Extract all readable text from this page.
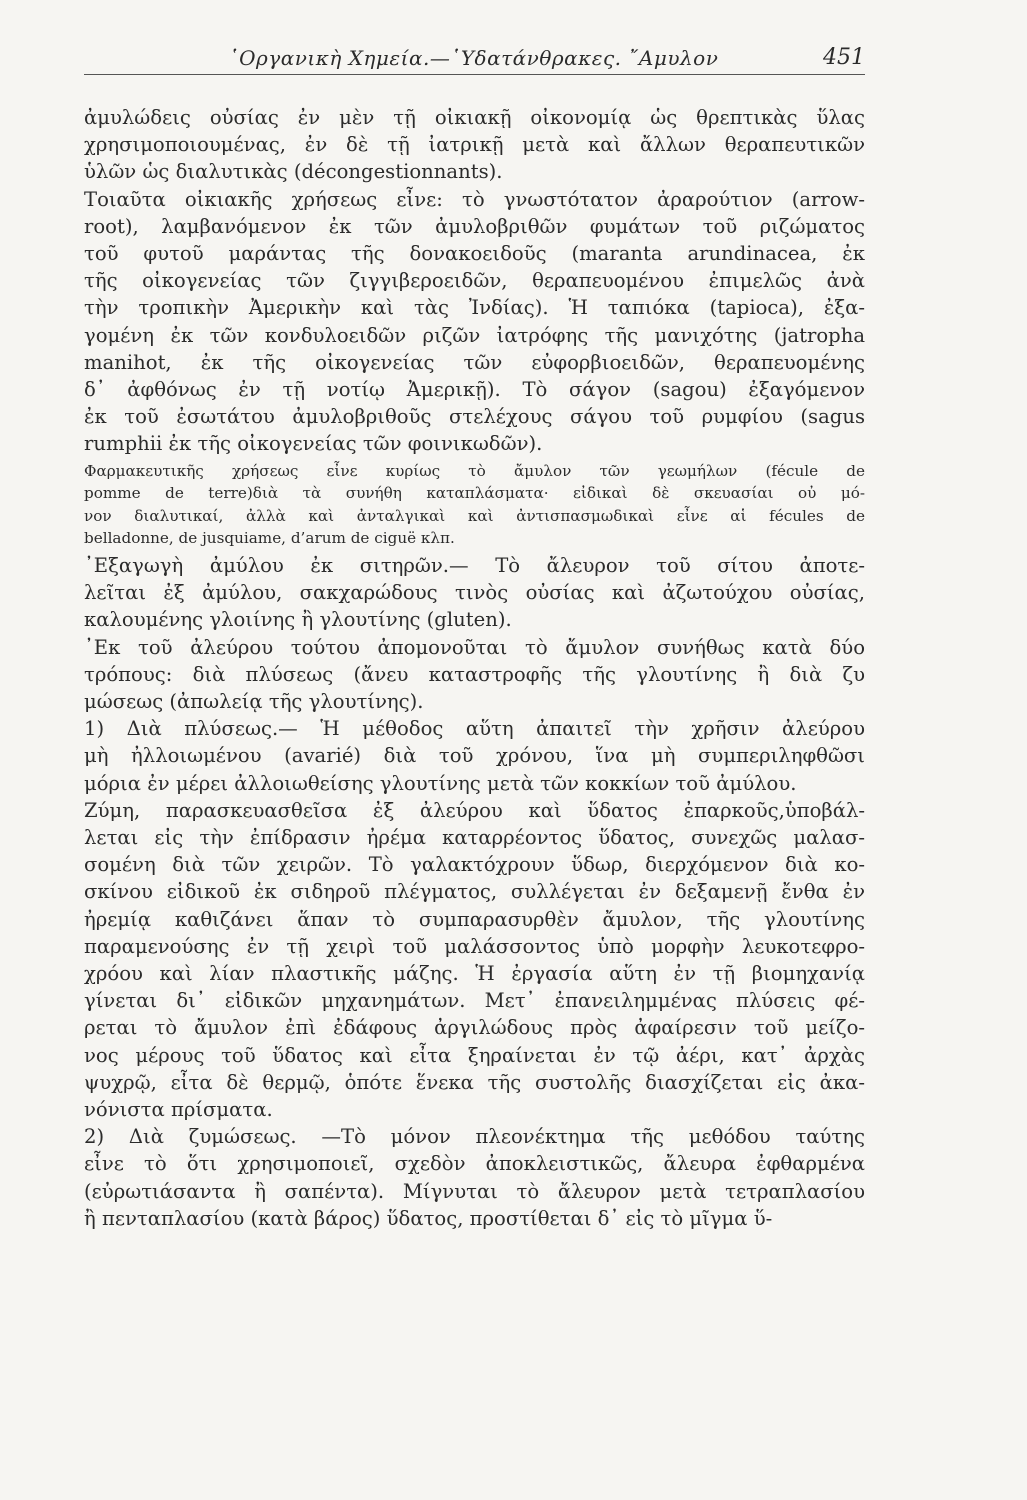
῾Οργανικὴ Χημεία.—῾Υδατάνθρακες. ῎Αμυλον	451
ἀμυλώδεις οὐσίας ἐν μὲν τῇ οἰκιακῇ οἰκονομίᾳ ὡς θρεπτικὰς ὕλας
χρησιμοποιουμένας, ἐν δὲ τῇ ἰατρικῇ μετὰ καὶ ἄλλων θεραπευτικῶν
ὑλῶν ὡς διαλυτικὰς (décongestionnants).
Τοιαῦτα οἰκιακῆς χρήσεως εἶνε: τὸ γνωστότατον ἀραρούτιον (arrow-
root), λαμβανόμενον ἐκ τῶν ἀμυλοβριθῶν φυμάτων τοῦ ριζώματος
τοῦ φυτοῦ μαράντας τῆς δονακοειδοῦς (maranta arundinacea, ἐκ
τῆς οἰκογενείας τῶν ζιγγιβεροειδῶν, θεραπευομένου ἐπιμελῶς ἀνὰ
τὴν τροπικὴν Ἀμερικὴν καὶ τὰς Ἰνδίας). Ἡ ταπιόκα (tapioca), ἐξα-
γομένη ἐκ τῶν κονδυλοειδῶν ριζῶν ἰατρόφης τῆς μανιχότης (jatropha
manihot, ἐκ τῆς οἰκογενείας τῶν εὐφορβιοειδῶν, θεραπευομένης
δ᾿ ἀφθόνως ἐν τῇ νοτίῳ Ἀμερικῇ). Τὸ σάγον (sagou) ἐξαγόμενον
ἐκ τοῦ ἐσωτάτου ἀμυλοβριθοῦς στελέχους σάγου τοῦ ρυμφίου (sagus
rumphii ἐκ τῆς οἰκογενείας τῶν φοινικωδῶν).
Φαρμακευτικῆς χρήσεως εἶνε κυρίως τὸ ἄμυλον τῶν γεωμήλων (fécule de
pomme de terre)διὰ τὰ συνήθη καταπλάσματα· εἰδικαὶ δὲ σκευασίαι οὐ μό-
νον διαλυτικαί, ἀλλὰ καὶ ἀνταλγικαὶ καὶ ἀντισπασμωδικαὶ εἶνε αἱ fécules de
belladonne, de jusquiame, d’arum de ciguë κλπ.
᾿Εξαγωγὴ ἀμύλου ἐκ σιτηρῶν.— Τὸ ἄλευρον τοῦ σίτου ἀποτε-
λεῖται ἐξ ἀμύλου, σακχαρώδους τινὸς οὐσίας καὶ ἀζωτούχου οὐσίας,
καλουμένης γλοιίνης ἢ γλουτίνης (gluten).
᾿Εκ τοῦ ἀλεύρου τούτου ἀπομονοῦται τὸ ἄμυλον συνήθως κατὰ δύο
τρόπους: διὰ πλύσεως (ἄνευ καταστροφῆς τῆς γλουτίνης ἢ διὰ ζυ
μώσεως (ἀπωλείᾳ τῆς γλουτίνης).
1) Διὰ πλύσεως.— Ἡ μέθοδος αὕτη ἀπαιτεῖ τὴν χρῆσιν ἀλεύρου
μὴ ἠλλοιωμένου (avarié) διὰ τοῦ χρόνου, ἵνα μὴ συμπεριληφθῶσι
μόρια ἐν μέρει ἀλλοιωθείσης γλουτίνης μετὰ τῶν κοκκίων τοῦ ἀμύλου.
Ζύμη, παρασκευασθεῖσα ἐξ ἀλεύρου καὶ ὕδατος ἐπαρκοῦς,ὑποβάλ-
λεται εἰς τὴν ἐπίδρασιν ἠρέμα καταρρέοντος ὕδατος, συνεχῶς μαλασ-
σομένη διὰ τῶν χειρῶν. Τὸ γαλακτόχρουν ὕδωρ, διερχόμενον διὰ κο-
σκίνου εἰδικοῦ ἐκ σιδηροῦ πλέγματος, συλλέγεται ἐν δεξαμενῇ ἔνθα ἐν
ἠρεμίᾳ καθιζάνει ἅπαν τὸ συμπαρασυρθὲν ἄμυλον, τῆς γλουτίνης
παραμενούσης ἐν τῇ χειρὶ τοῦ μαλάσσοντος ὑπὸ μορφὴν λευκοτεφρο-
χρόου καὶ λίαν πλαστικῆς μάζης. Ἡ ἐργασία αὕτη ἐν τῇ βιομηχανίᾳ
γίνεται δι᾿ εἰδικῶν μηχανημάτων. Μετ᾿ ἐπανειλημμένας πλύσεις φέ-
ρεται τὸ ἄμυλον ἐπὶ ἐδάφους ἀργιλώδους πρὸς ἀφαίρεσιν τοῦ μείζο-
νος μέρους τοῦ ὕδατος καὶ εἶτα ξηραίνεται ἐν τῷ ἀέρι, κατ᾿ ἀρχὰς
ψυχρῷ, εἶτα δὲ θερμῷ, ὁπότε ἕνεκα τῆς συστολῆς διασχίζεται εἰς ἀκα-
νόνιστα πρίσματα.
2) Διὰ ζυμώσεως. —Τὸ μόνον πλεονέκτημα τῆς μεθόδου ταύτης
εἶνε τὸ ὅτι χρησιμοποιεῖ, σχεδὸν ἀποκλειστικῶς, ἄλευρα ἐφθαρμένα
(εὐρωτιάσαντα ἢ σαπέντα). Μίγνυται τὸ ἄλευρον μετὰ τετραπλασίου
ἢ πενταπλασίου (κατὰ βάρος) ὕδατος, προστίθεται δ᾿ εἰς τὸ μῖγμα ὕ-
